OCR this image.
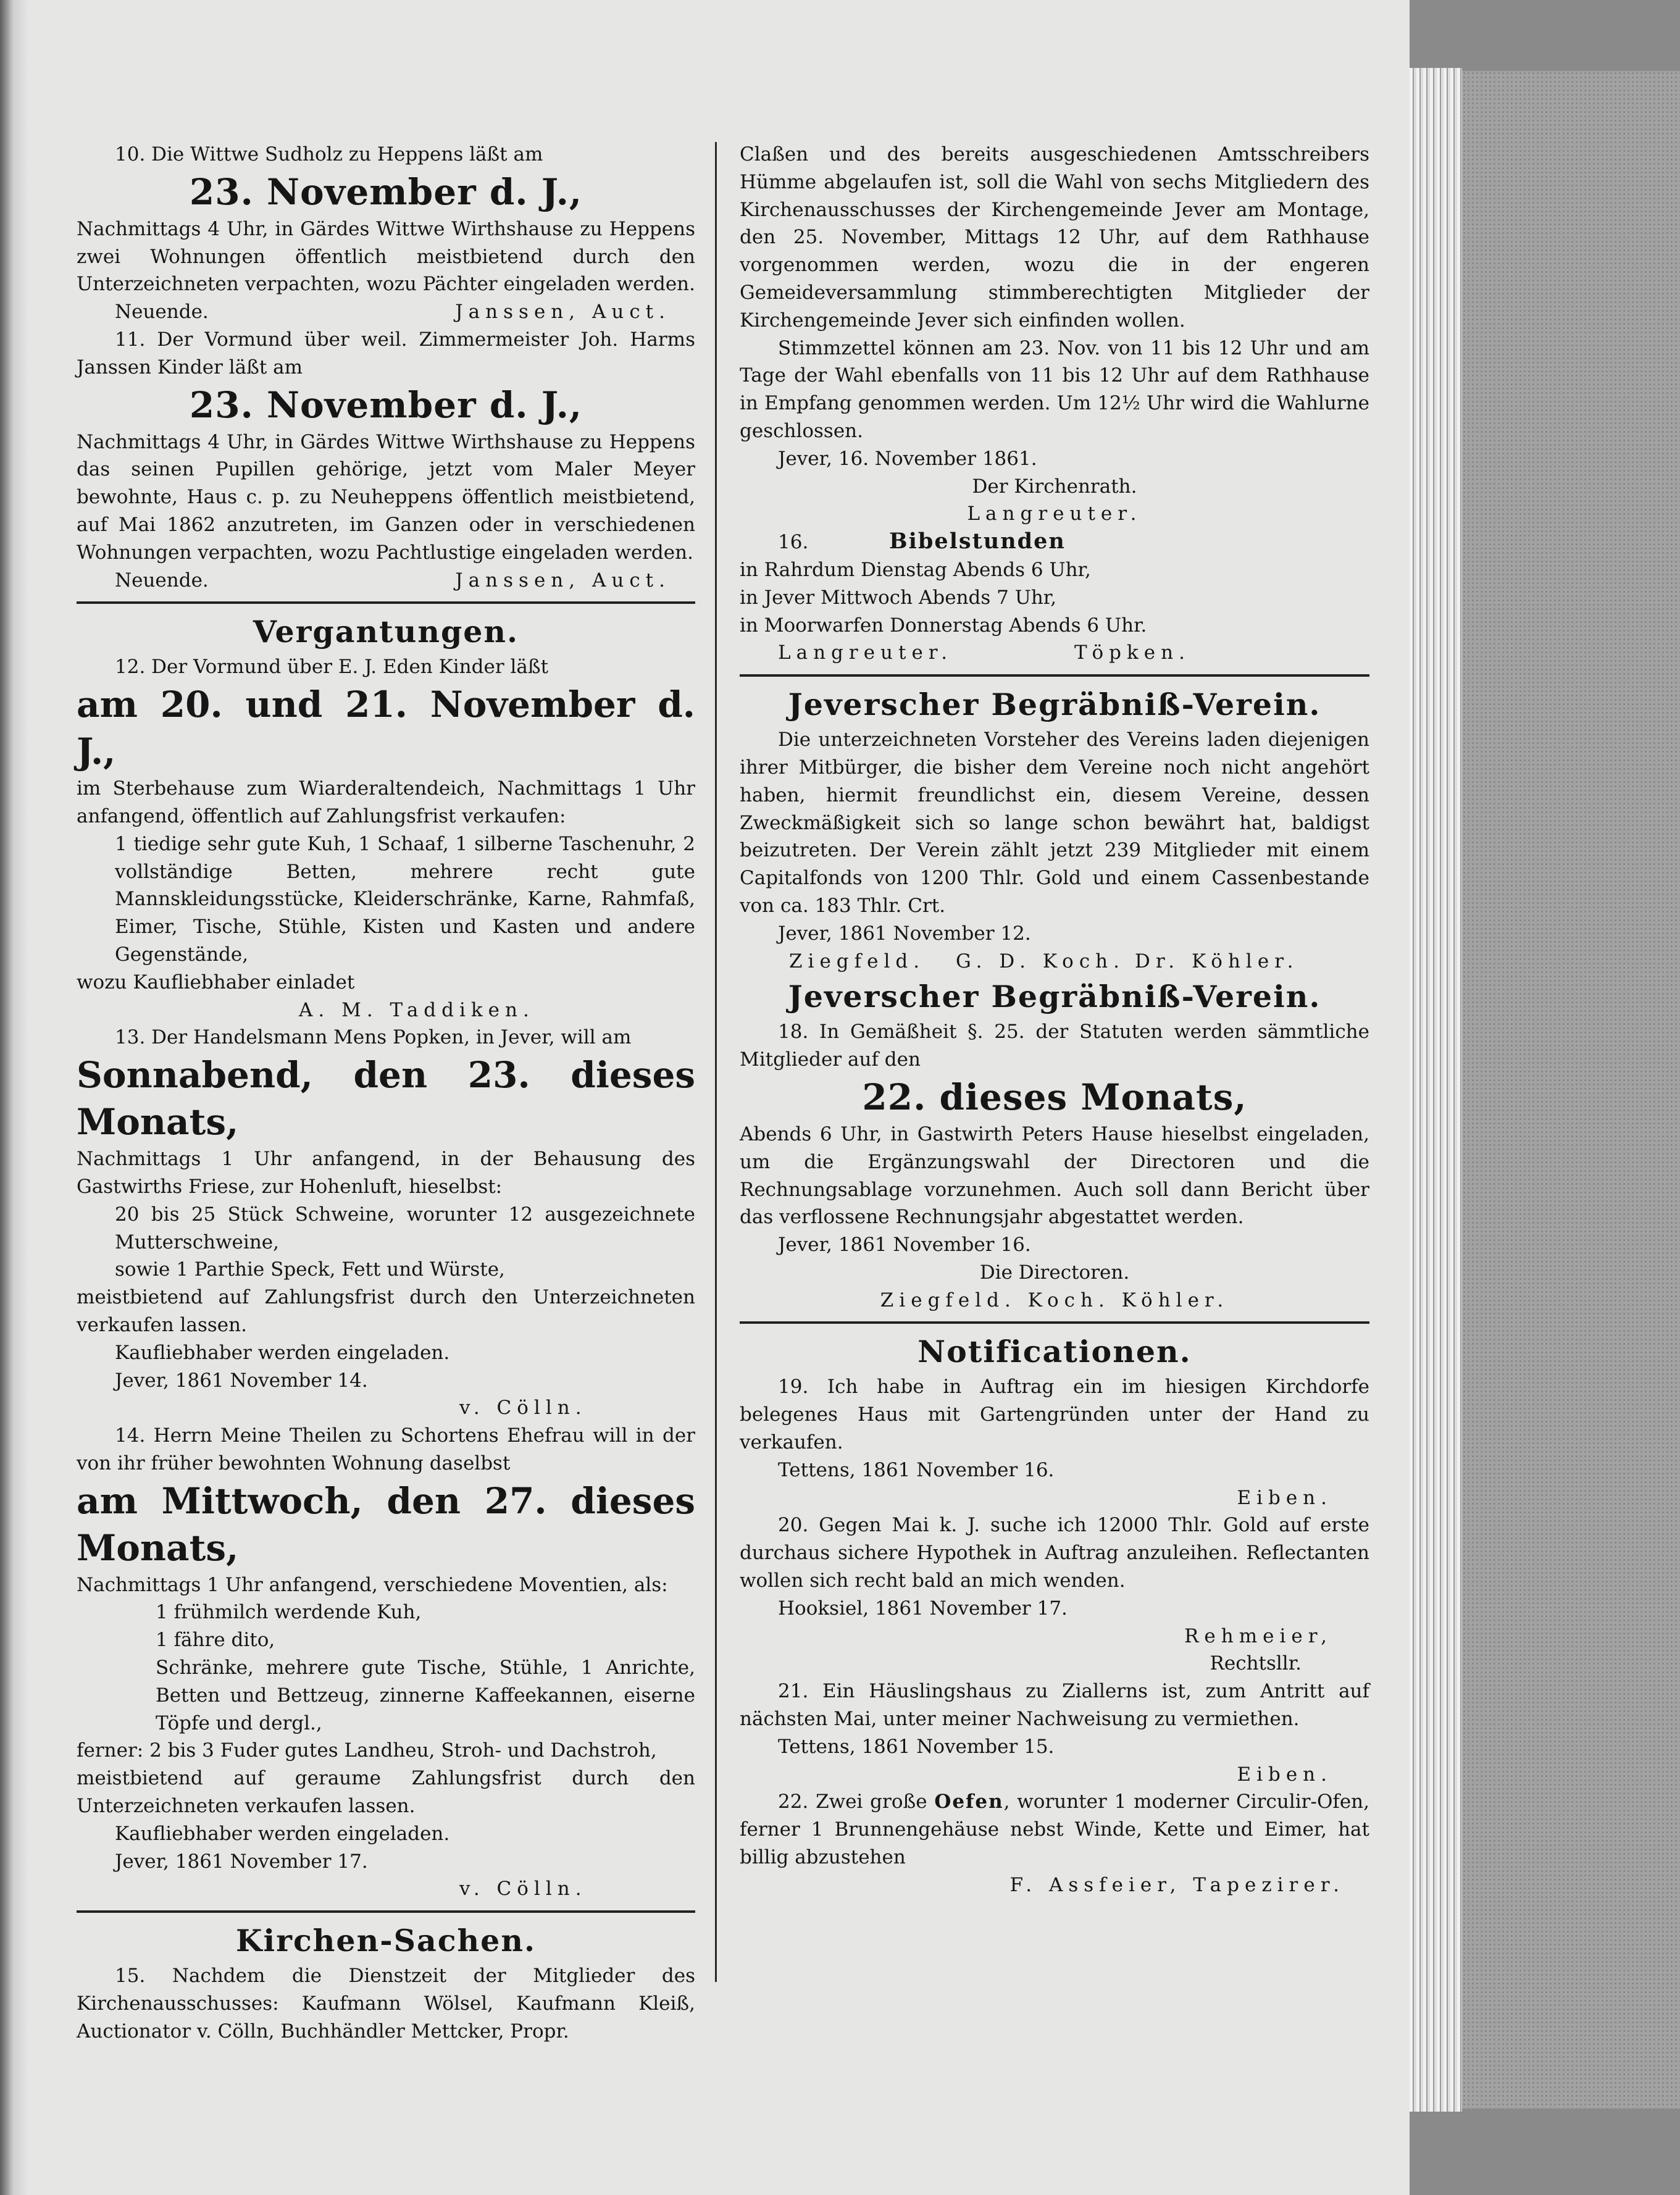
10. Die Wittwe Sudholz zu Heppens läßt am

23. November d. J.,

Nachmittags 4 Uhr, in Gärdes Wittwe Wirthshause zu Heppens zwei Wohnungen öffentlich meistbietend durch den Unterzeichneten verpachten, wozu Pächter eingeladen werden.

Neuende.	Janssen, Auct.

11. Der Vormund über weil. Zimmermeister Joh. Harms Janssen Kinder läßt am

23. November d. J.,

Nachmittags 4 Uhr, in Gärdes Wittwe Wirthshause zu Heppens das seinen Pupillen gehörige, jetzt vom Maler Meyer bewohnte, Haus c. p. zu Neuheppens öffentlich meistbietend, auf Mai 1862 anzutreten, im Ganzen oder in verschiedenen Wohnungen verpachten, wozu Pachtlustige eingeladen werden.

Neuende.	Janssen, Auct.

Vergantungen.

12. Der Vormund über E. J. Eden Kinder läßt

am 20. und 21. November d. J.,

im Sterbehause zum Wiarderaltendeich, Nachmittags 1 Uhr anfangend, öffentlich auf Zahlungsfrist verkaufen:

1 tiedige sehr gute Kuh, 1 Schaaf, 1 silberne Taschenuhr, 2 vollständige Betten, mehrere recht gute Mannskleidungsstücke, Kleiderschränke, Karne, Rahmfaß, Eimer, Tische, Stühle, Kisten und Kasten und andere Gegenstände,

wozu Kaufliebhaber einladet

A. M. Taddiken.

13. Der Handelsmann Mens Popken, in Jever, will am

Sonnabend, den 23. dieses Monats,

Nachmittags 1 Uhr anfangend, in der Behausung des Gastwirths Friese, zur Hohenluft, hieselbst:

20 bis 25 Stück Schweine, worunter 12 ausgezeichnete Mutterschweine,

sowie 1 Parthie Speck, Fett und Würste,

meistbietend auf Zahlungsfrist durch den Unterzeichneten verkaufen lassen.

Kaufliebhaber werden eingeladen.

Jever, 1861 November 14.

v. Cölln.

14. Herrn Meine Theilen zu Schortens Ehefrau will in der von ihr früher bewohnten Wohnung daselbst

am Mittwoch, den 27. dieses Monats,

Nachmittags 1 Uhr anfangend, verschiedene Moventien, als:

1 frühmilch werdende Kuh,

1 fähre dito,

Schränke, mehrere gute Tische, Stühle, 1 Anrichte, Betten und Bettzeug, zinnerne Kaffeekannen, eiserne Töpfe und dergl.,

ferner: 2 bis 3 Fuder gutes Landheu, Stroh- und Dachstroh,

meistbietend auf geraume Zahlungsfrist durch den Unterzeichneten verkaufen lassen.

Kaufliebhaber werden eingeladen.

Jever, 1861 November 17.

v. Cölln.

Kirchen-Sachen.

15. Nachdem die Dienstzeit der Mitglieder des Kirchenausschusses: Kaufmann Wölsel, Kaufmann Kleiß, Auctionator v. Cölln, Buchhändler Mettcker, Propr.

Claßen und des bereits ausgeschiedenen Amtsschreibers Hümme abgelaufen ist, soll die Wahl von sechs Mitgliedern des Kirchenausschusses der Kirchengemeinde Jever am Montage, den 25. November, Mittags 12 Uhr, auf dem Rathhause vorgenommen werden, wozu die in der engeren Gemeideversammlung stimmberechtigten Mitglieder der Kirchengemeinde Jever sich einfinden wollen.

Stimmzettel können am 23. Nov. von 11 bis 12 Uhr und am Tage der Wahl ebenfalls von 11 bis 12 Uhr auf dem Rathhause in Empfang genommen werden. Um 12½ Uhr wird die Wahlurne geschlossen.

Jever, 16. November 1861.

Der Kirchenrath.

Langreuter.

16.	Bibelstunden

in Rahrdum Dienstag Abends 6 Uhr,

in Jever Mittwoch Abends 7 Uhr,

in Moorwarfen Donnerstag Abends 6 Uhr.

Langreuter.	Töpken.

Jeverscher Begräbniß-Verein.

Die unterzeichneten Vorsteher des Vereins laden diejenigen ihrer Mitbürger, die bisher dem Vereine noch nicht angehört haben, hiermit freundlichst ein, diesem Vereine, dessen Zweckmäßigkeit sich so lange schon bewährt hat, baldigst beizutreten. Der Verein zählt jetzt 239 Mitglieder mit einem Capitalfonds von 1200 Thlr. Gold und einem Cassenbestande von ca. 183 Thlr. Crt.

Jever, 1861 November 12.

Ziegfeld.	G. D. Koch. Dr. Köhler.

Jeverscher Begräbniß-Verein.

18. In Gemäßheit §. 25. der Statuten werden sämmtliche Mitglieder auf den

22. dieses Monats,

Abends 6 Uhr, in Gastwirth Peters Hause hieselbst eingeladen, um die Ergänzungswahl der Directoren und die Rechnungsablage vorzunehmen. Auch soll dann Bericht über das verflossene Rechnungsjahr abgestattet werden.

Jever, 1861 November 16.

Die Directoren.

Ziegfeld. Koch. Köhler.

Notificationen.

19. Ich habe in Auftrag ein im hiesigen Kirchdorfe belegenes Haus mit Gartengründen unter der Hand zu verkaufen.

Tettens, 1861 November 16.

Eiben.

20. Gegen Mai k. J. suche ich 12000 Thlr. Gold auf erste durchaus sichere Hypothek in Auftrag anzuleihen. Reflectanten wollen sich recht bald an mich wenden.

Hooksiel, 1861 November 17.

Rehmeier,

Rechtsllr.

21. Ein Häuslingshaus zu Ziallerns ist, zum Antritt auf nächsten Mai, unter meiner Nachweisung zu vermiethen.

Tettens, 1861 November 15.

Eiben.

22. Zwei große Oefen, worunter 1 moderner Circulir-Ofen, ferner 1 Brunnengehäuse nebst Winde, Kette und Eimer, hat billig abzustehen

F. Assfeier, Tapezirer.
